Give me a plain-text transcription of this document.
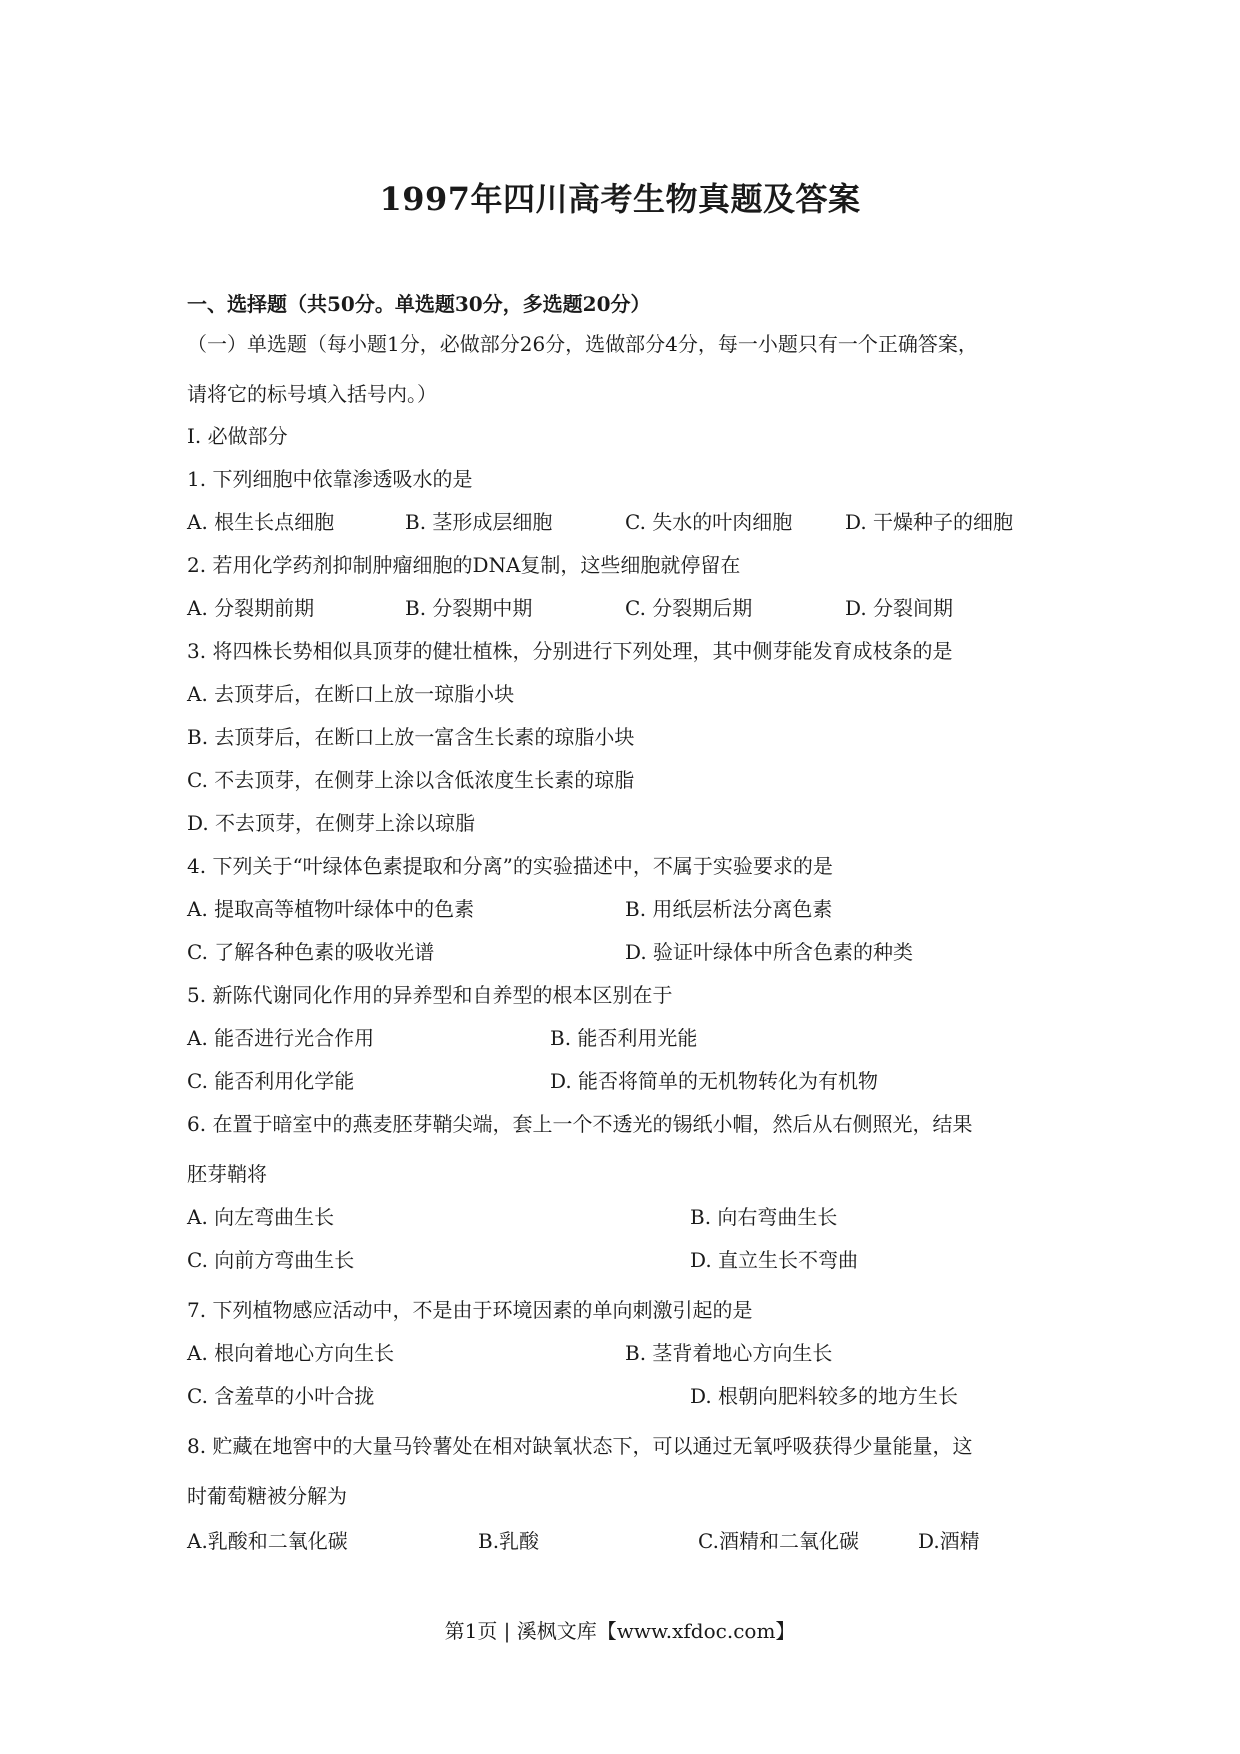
1997年四川高考生物真题及答案
一、选择题（共50分。单选题30分，多选题20分）
（一）单选题（每小题1分，必做部分26分，选做部分4分，每一小题只有一个正确答案，
请将它的标号填入括号内。）
I. 必做部分
1. 下列细胞中依靠渗透吸水的是
A. 根生长点细胞	B. 茎形成层细胞	C. 失水的叶肉细胞	D. 干燥种子的细胞
2. 若用化学药剂抑制肿瘤细胞的DNA复制，这些细胞就停留在
A. 分裂期前期	B. 分裂期中期	C. 分裂期后期	D. 分裂间期
3. 将四株长势相似具顶芽的健壮植株，分别进行下列处理，其中侧芽能发育成枝条的是
A. 去顶芽后，在断口上放一琼脂小块
B. 去顶芽后，在断口上放一富含生长素的琼脂小块
C. 不去顶芽，在侧芽上涂以含低浓度生长素的琼脂
D. 不去顶芽，在侧芽上涂以琼脂
4. 下列关于“叶绿体色素提取和分离”的实验描述中，不属于实验要求的是
A. 提取高等植物叶绿体中的色素	B. 用纸层析法分离色素
C. 了解各种色素的吸收光谱	D. 验证叶绿体中所含色素的种类
5. 新陈代谢同化作用的异养型和自养型的根本区别在于
A. 能否进行光合作用	B. 能否利用光能
C. 能否利用化学能	D. 能否将简单的无机物转化为有机物
6. 在置于暗室中的燕麦胚芽鞘尖端，套上一个不透光的锡纸小帽，然后从右侧照光，结果
胚芽鞘将
A. 向左弯曲生长	B. 向右弯曲生长
C. 向前方弯曲生长	D. 直立生长不弯曲
7. 下列植物感应活动中，不是由于环境因素的单向刺激引起的是
A. 根向着地心方向生长	B. 茎背着地心方向生长
C. 含羞草的小叶合拢	D. 根朝向肥料较多的地方生长
8. 贮藏在地窖中的大量马铃薯处在相对缺氧状态下，可以通过无氧呼吸获得少量能量，这
时葡萄糖被分解为
A.乳酸和二氧化碳	B.乳酸	C.酒精和二氧化碳	D.酒精
第1页 | 溪枫文库【www.xfdoc.com】
